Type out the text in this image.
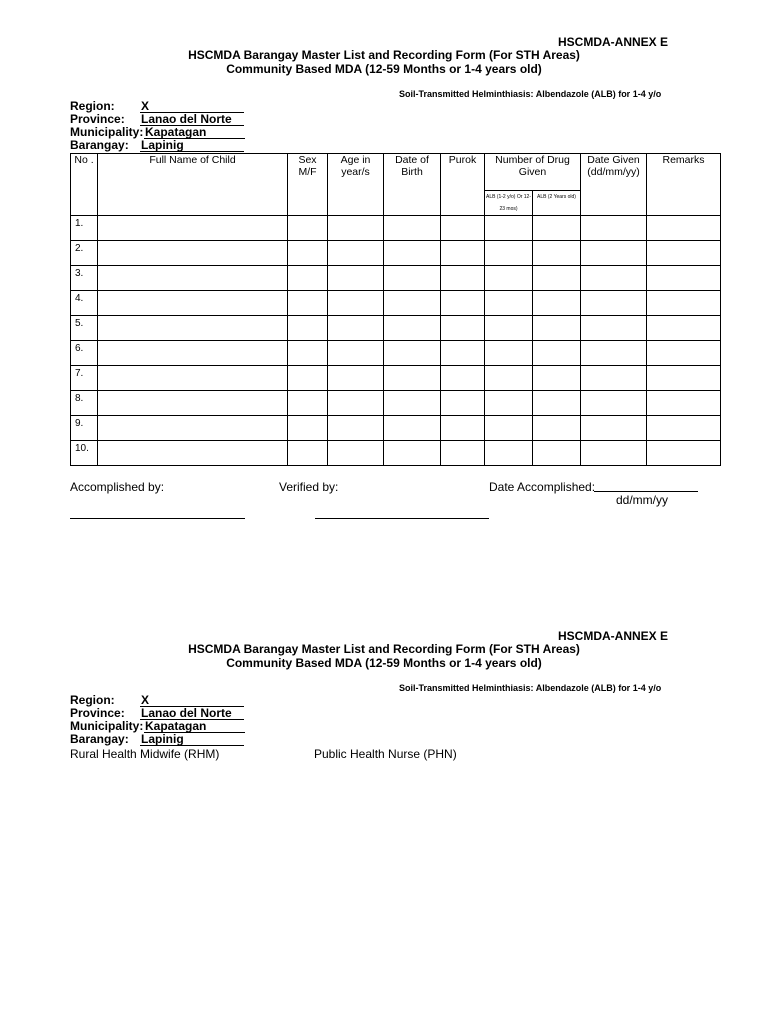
HSCMDA-ANNEX E
HSCMDA Barangay Master List and Recording Form (For STH Areas)
Community Based MDA (12-59 Months or 1-4 years old)
Soil-Transmitted Helminthiasis: Albendazole (ALB) for 1-4 y/o
Region: X
Province: Lanao del Norte
Municipality: Kapatagan
Barangay: Lapinig
No .	Full Name of Child	Sex M/F	Age in year/s	Date of Birth	Purok	Number of Drug Given		Date Given (dd/mm/yy)	Remarks
						ALB (1-2 y/o) Or 12-23 mos)	ALB (2 Years old)		
1.									
2.									
3.									
4.									
5.									
6.									
7.									
8.									
9.									
10.									
Accomplished by:	Verified by:	Date Accomplished:
dd/mm/yy
HSCMDA-ANNEX E
HSCMDA Barangay Master List and Recording Form (For STH Areas)
Community Based MDA (12-59 Months or 1-4 years old)
Soil-Transmitted Helminthiasis: Albendazole (ALB) for 1-4 y/o
Region: X
Province: Lanao del Norte
Municipality: Kapatagan
Barangay: Lapinig
Rural Health Midwife (RHM)	Public Health Nurse (PHN)
